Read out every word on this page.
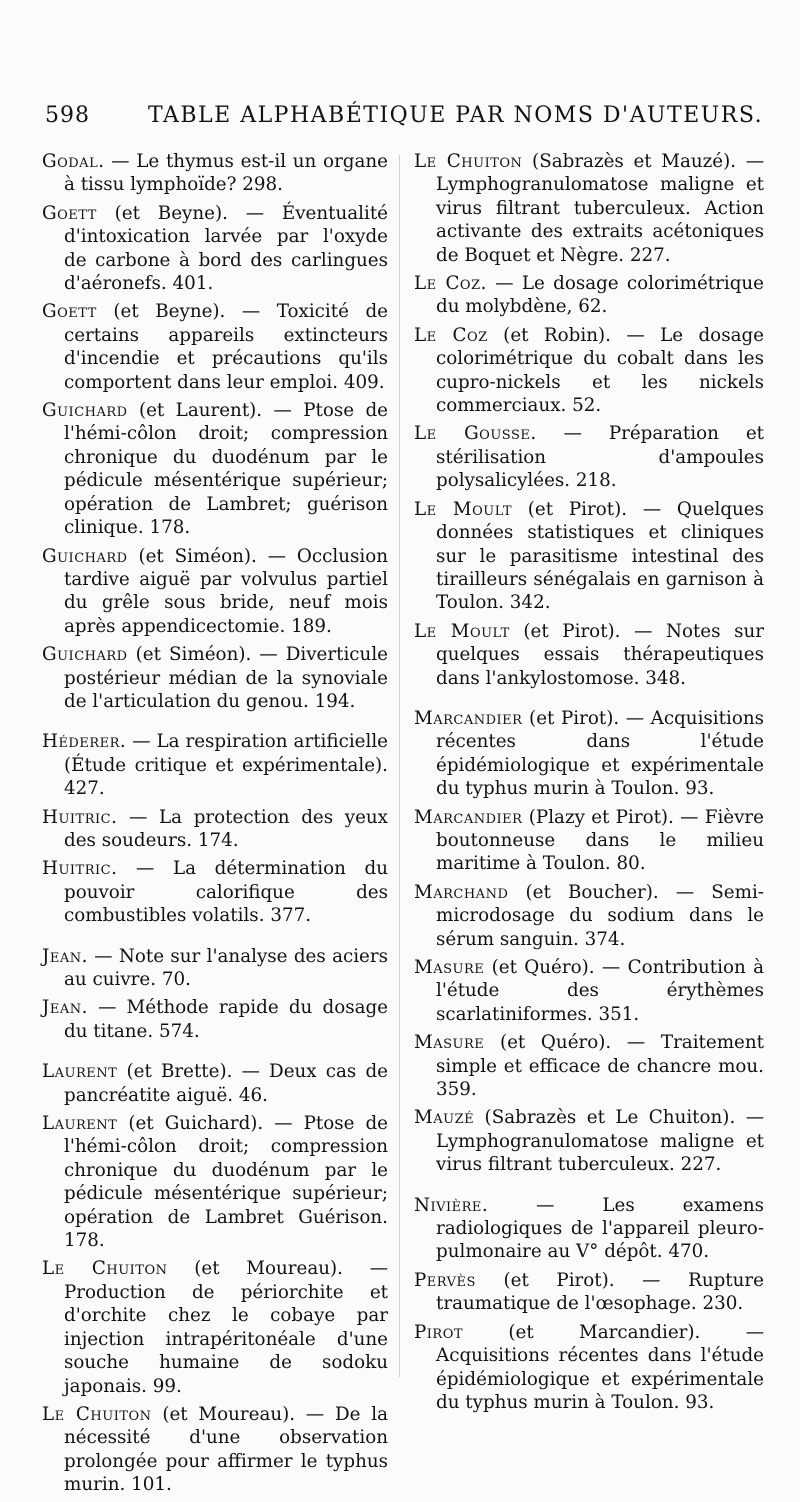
598	TABLE ALPHABÉTIQUE PAR NOMS D'AUTEURS.

Godal. — Le thymus est-il un organe à tissu lymphoïde? 298.

Goett (et Beyne). — Éventualité d'intoxication larvée par l'oxyde de carbone à bord des carlingues d'aéronefs. 401.

Goett (et Beyne). — Toxicité de certains appareils extincteurs d'incendie et précautions qu'ils comportent dans leur emploi. 409.

Guichard (et Laurent). — Ptose de l'hémi-côlon droit; compression chronique du duodénum par le pédicule mésentérique supérieur; opération de Lambret; guérison clinique. 178.

Guichard (et Siméon). — Occlusion tardive aiguë par volvulus partiel du grêle sous bride, neuf mois après appendicectomie. 189.

Guichard (et Siméon). — Diverticule postérieur médian de la synoviale de l'articulation du genou. 194.

Héderer. — La respiration artificielle (Étude critique et expérimentale). 427.

Huitric. — La protection des yeux des soudeurs. 174.

Huitric. — La détermination du pouvoir calorifique des combustibles volatils. 377.

Jean. — Note sur l'analyse des aciers au cuivre. 70.

Jean. — Méthode rapide du dosage du titane. 574.

Laurent (et Brette). — Deux cas de pancréatite aiguë. 46.

Laurent (et Guichard). — Ptose de l'hémi-côlon droit; compression chronique du duodénum par le pédicule mésentérique supérieur; opération de Lambret Guérison. 178.

Le Chuiton (et Moureau). — Production de périorchite et d'orchite chez le cobaye par injection intrapéritonéale d'une souche humaine de sodoku japonais. 99.

Le Chuiton (et Moureau). — De la nécessité d'une observation prolongée pour affirmer le typhus murin. 101.

Le Chuiton (Sabrazès et Mauzé). — Lymphogranulomatose maligne et virus filtrant tuberculeux. Action activante des extraits acétoniques de Boquet et Nègre. 227.

Le Coz. — Le dosage colorimétrique du molybdène, 62.

Le Coz (et Robin). — Le dosage colorimétrique du cobalt dans les cupro-nickels et les nickels commerciaux. 52.

Le Gousse. — Préparation et stérilisation d'ampoules polysalicylées. 218.

Le Moult (et Pirot). — Quelques données statistiques et cliniques sur le parasitisme intestinal des tirailleurs sénégalais en garnison à Toulon. 342.

Le Moult (et Pirot). — Notes sur quelques essais thérapeutiques dans l'ankylostomose. 348.

Marcandier (et Pirot). — Acquisitions récentes dans l'étude épidémiologique et expérimentale du typhus murin à Toulon. 93.

Marcandier (Plazy et Pirot). — Fièvre boutonneuse dans le milieu maritime à Toulon. 80.

Marchand (et Boucher). — Semi-microdosage du sodium dans le sérum sanguin. 374.

Masure (et Quéro). — Contribution à l'étude des érythèmes scarlatiniformes. 351.

Masure (et Quéro). — Traitement simple et efficace de chancre mou. 359.

Mauzé (Sabrazès et Le Chuiton). — Lymphogranulomatose maligne et virus filtrant tuberculeux. 227.

Nivière. — Les examens radiologiques de l'appareil pleuro-pulmonaire au V° dépôt. 470.

Pervès (et Pirot). — Rupture traumatique de l'œsophage. 230.

Pirot (et Marcandier). — Acquisitions récentes dans l'étude épidémiologique et expérimentale du typhus murin à Toulon. 93.
